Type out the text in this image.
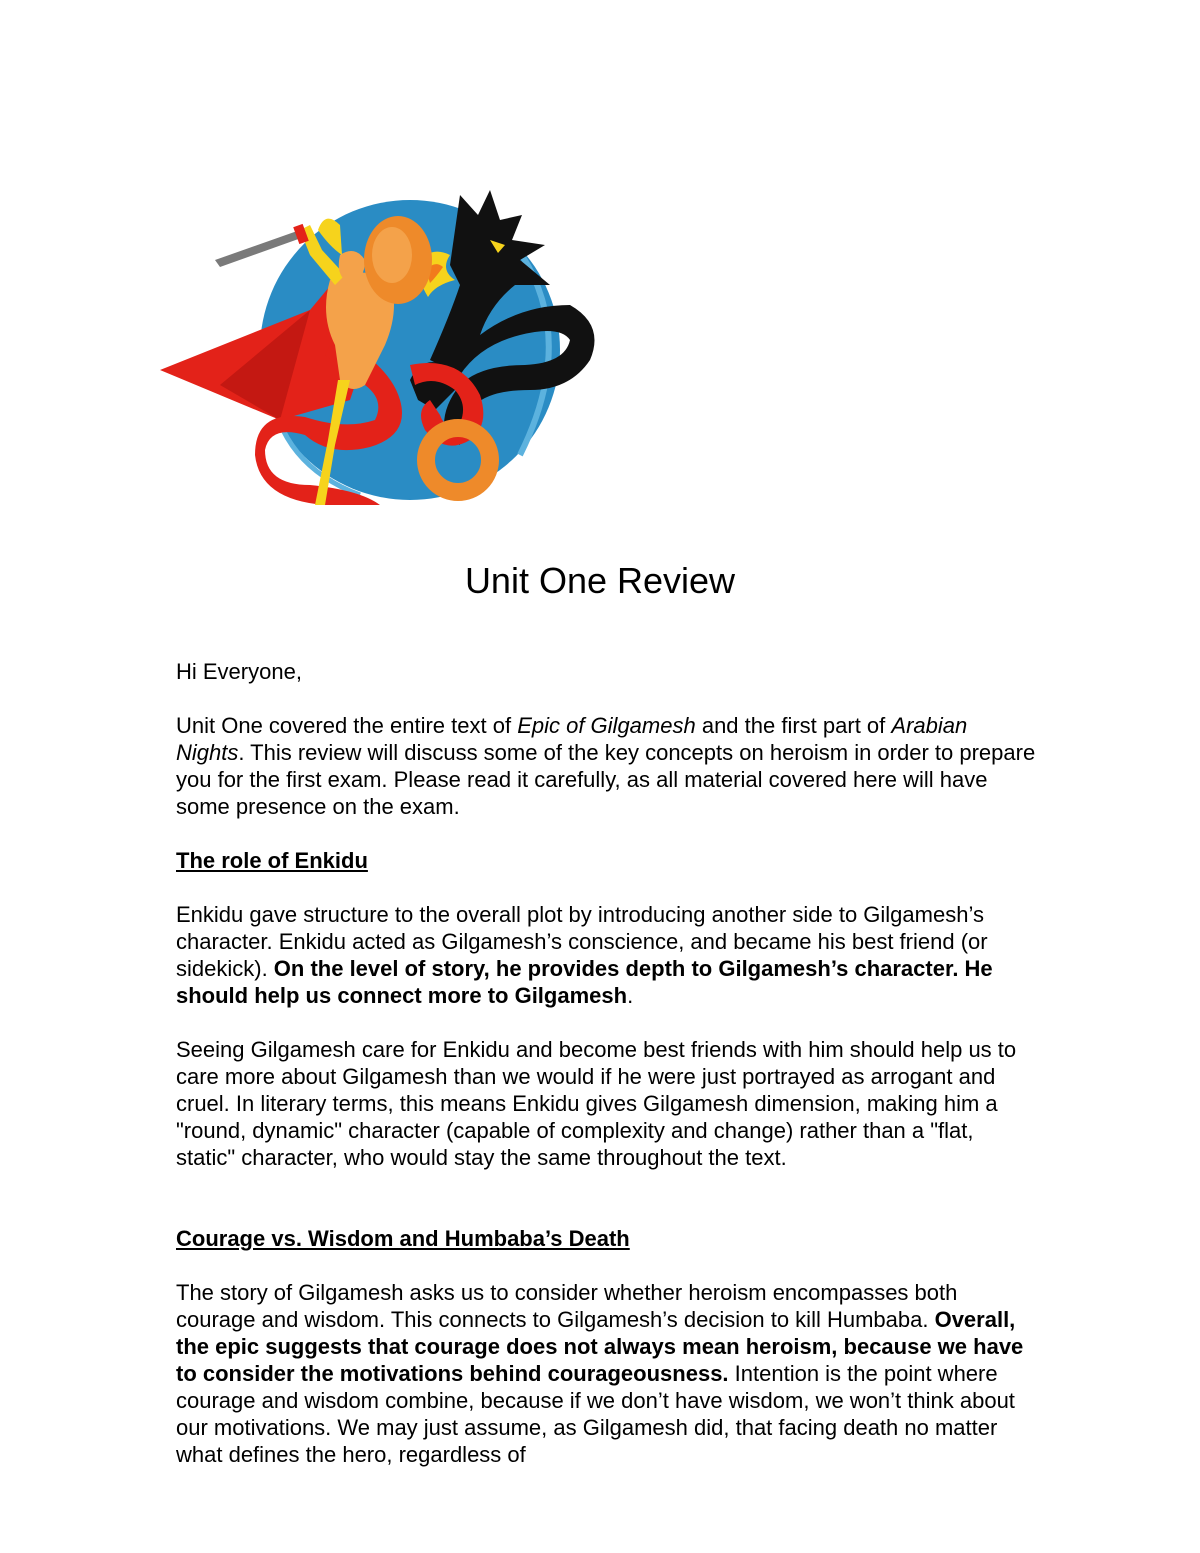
Unit One Review

Hi Everyone,

Unit One covered the entire text of Epic of Gilgamesh and the first part of Arabian Nights. This review will discuss some of the key concepts on heroism in order to prepare you for the first exam. Please read it carefully, as all material covered here will have some presence on the exam.

The role of Enkidu

Enkidu gave structure to the overall plot by introducing another side to Gilgamesh’s character. Enkidu acted as Gilgamesh’s conscience, and became his best friend (or sidekick). On the level of story, he provides depth to Gilgamesh’s character. He should help us connect more to Gilgamesh.

Seeing Gilgamesh care for Enkidu and become best friends with him should help us to care more about Gilgamesh than we would if he were just portrayed as arrogant and cruel. In literary terms, this means Enkidu gives Gilgamesh dimension, making him a "round, dynamic" character (capable of complexity and change) rather than a "flat, static" character, who would stay the same throughout the text.

Courage vs. Wisdom and Humbaba’s Death

The story of Gilgamesh asks us to consider whether heroism encompasses both courage and wisdom. This connects to Gilgamesh’s decision to kill Humbaba. Overall, the epic suggests that courage does not always mean heroism, because we have to consider the motivations behind courageousness. Intention is the point where courage and wisdom combine, because if we don’t have wisdom, we won’t think about our motivations. We may just assume, as Gilgamesh did, that facing death no matter what defines the hero, regardless of
